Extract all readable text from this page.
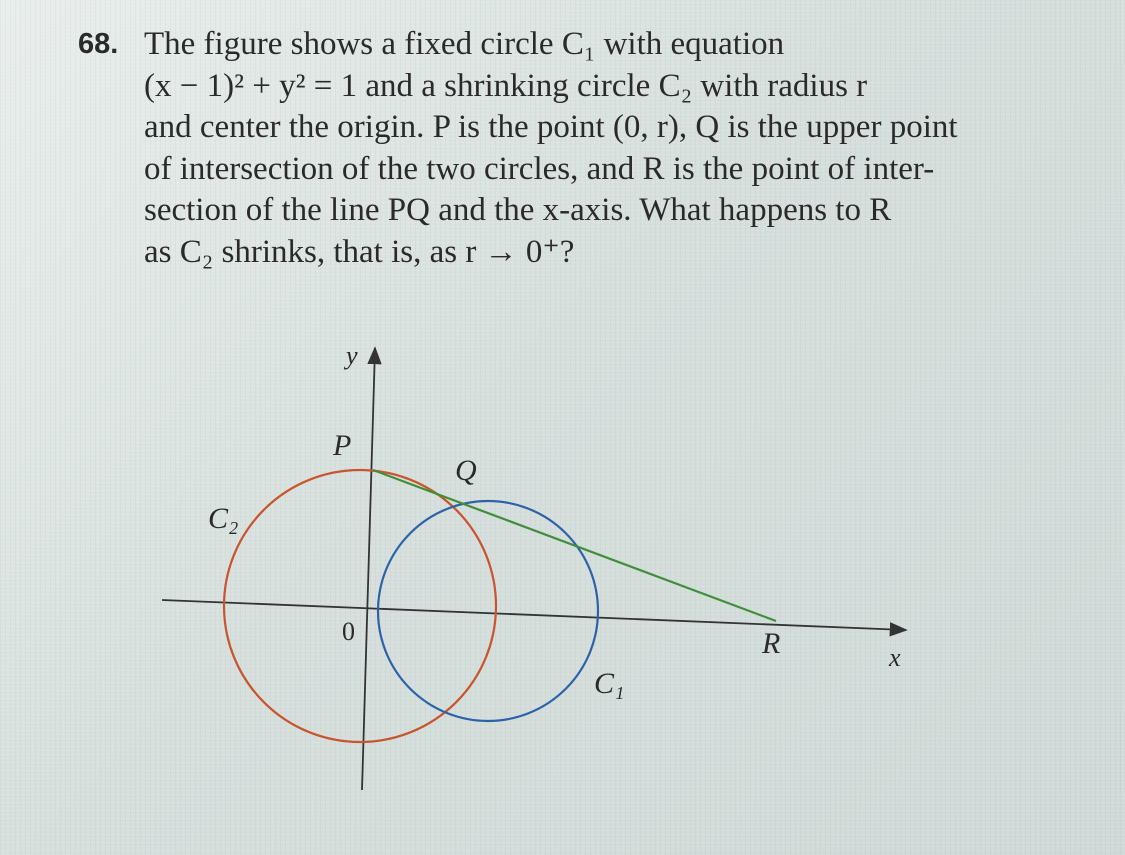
68. The figure shows a fixed circle C₁ with equation
(x − 1)² + y² = 1 and a shrinking circle C₂ with radius r
and center the origin. P is the point (0, r), Q is the upper point
of intersection of the two circles, and R is the point of inter-
section of the line PQ and the x-axis. What happens to R
as C₂ shrinks, that is, as r → 0⁺?
y
x
P
Q
R
0
C₁
C₂
